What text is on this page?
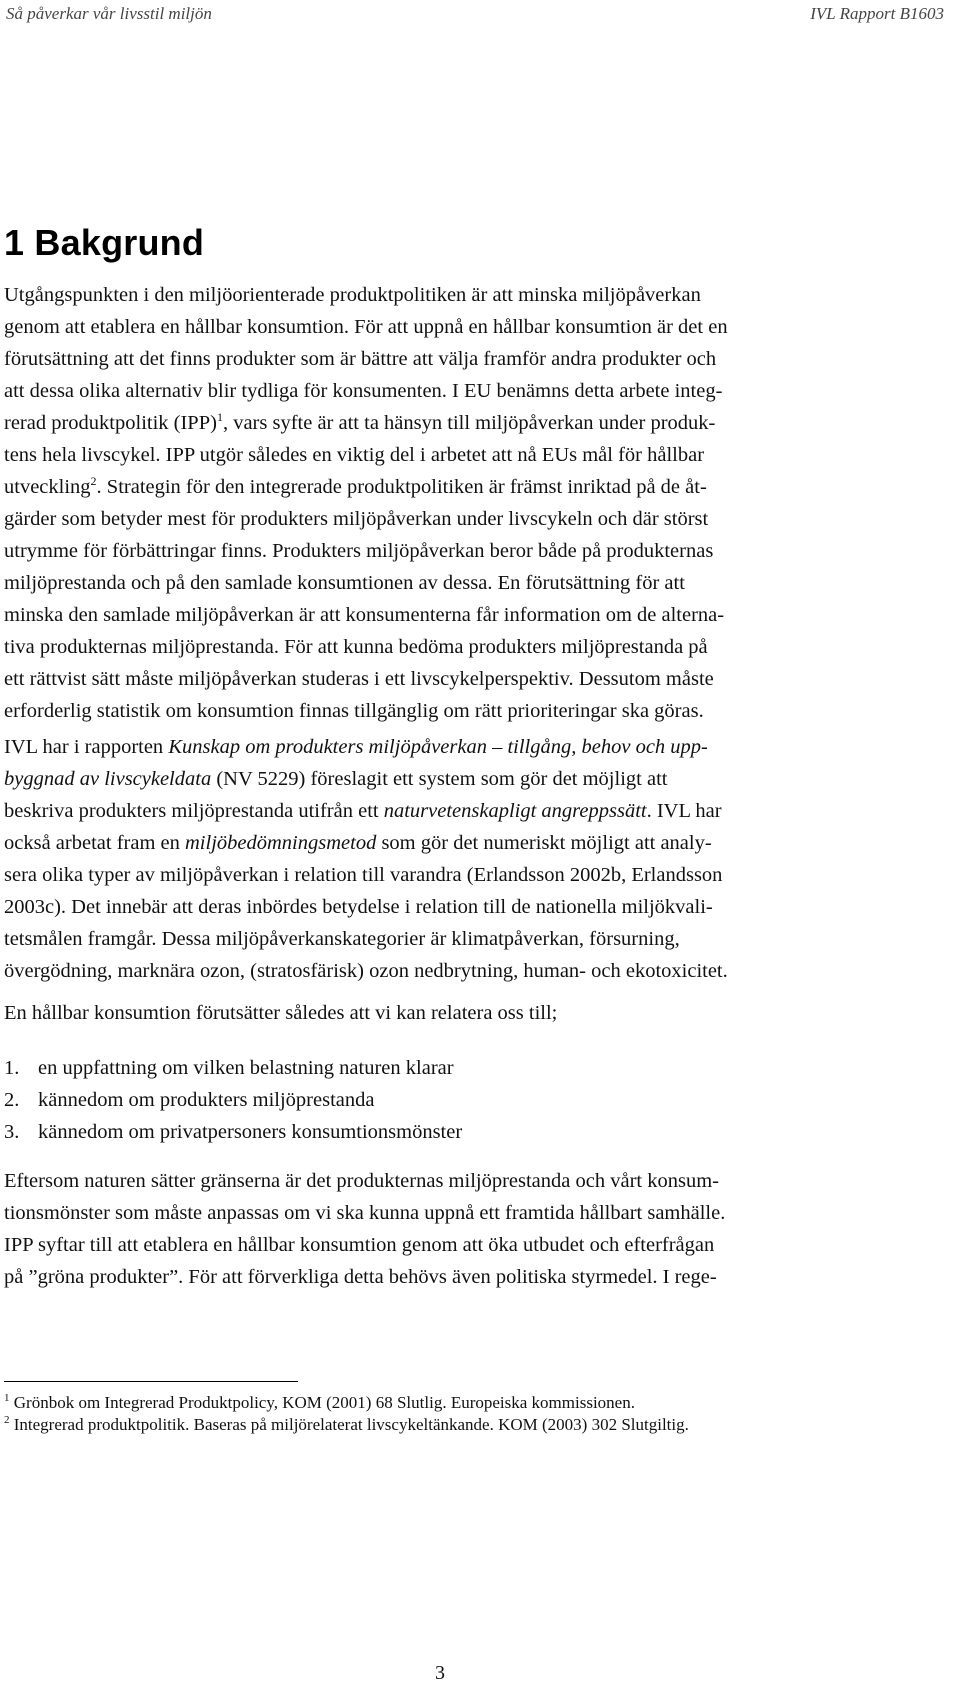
Så påverkar vår livsstil miljön	IVL Rapport B1603
1 Bakgrund
Utgångspunkten i den miljöorienterade produktpolitiken är att minska miljöpåverkan
genom att etablera en hållbar konsumtion. För att uppnå en hållbar konsumtion är det en
förutsättning att det finns produkter som är bättre att välja framför andra produkter och
att dessa olika alternativ blir tydliga för konsumenten. I EU benämns detta arbete integ-
rerad produktpolitik (IPP)$^1$, vars syfte är att ta hänsyn till miljöpåverkan under produk-
tens hela livscykel. IPP utgör således en viktig del i arbetet att nå EUs mål för hållbar
utveckling$^2$. Strategin för den integrerade produktpolitiken är främst inriktad på de åt-
gärder som betyder mest för produkters miljöpåverkan under livscykeln och där störst
utrymme för förbättringar finns. Produkters miljöpåverkan beror både på produkternas
miljöprestanda och på den samlade konsumtionen av dessa. En förutsättning för att
minska den samlade miljöpåverkan är att konsumenterna får information om de alterna-
tiva produkternas miljöprestanda. För att kunna bedöma produkters miljöprestanda på
ett rättvist sätt måste miljöpåverkan studeras i ett livscykelperspektiv. Dessutom måste
erforderlig statistik om konsumtion finnas tillgänglig om rätt prioriteringar ska göras.
IVL har i rapporten Kunskap om produkters miljöpåverkan – tillgång, behov och upp-
byggnad av livscykeldata (NV 5229) föreslagit ett system som gör det möjligt att
beskriva produkters miljöprestanda utifrån ett naturvetenskapligt angreppssätt. IVL har
också arbetat fram en miljöbedömningsmetod som gör det numeriskt möjligt att analy-
sera olika typer av miljöpåverkan i relation till varandra (Erlandsson 2002b, Erlandsson
2003c). Det innebär att deras inbördes betydelse i relation till de nationella miljökvali-
tetsmålen framgår. Dessa miljöpåverkanskategorier är klimatpåverkan, försurning,
övergödning, marknära ozon, (stratosfärisk) ozon nedbrytning, human- och ekotoxicitet.
En hållbar konsumtion förutsätter således att vi kan relatera oss till;
1. en uppfattning om vilken belastning naturen klarar
2. kännedom om produkters miljöprestanda
3. kännedom om privatpersoners konsumtionsmönster
Eftersom naturen sätter gränserna är det produkternas miljöprestanda och vårt konsum-
tionsmönster som måste anpassas om vi ska kunna uppnå ett framtida hållbart samhälle.
IPP syftar till att etablera en hållbar konsumtion genom att öka utbudet och efterfrågan
på ”gröna produkter”. För att förverkliga detta behövs även politiska styrmedel. I rege-
$^1$ Grönbok om Integrerad Produktpolicy, KOM (2001) 68 Slutlig. Europeiska kommissionen.
$^2$ Integrerad produktpolitik. Baseras på miljörelaterat livscykeltänkande. KOM (2003) 302 Slutgiltig.
3
